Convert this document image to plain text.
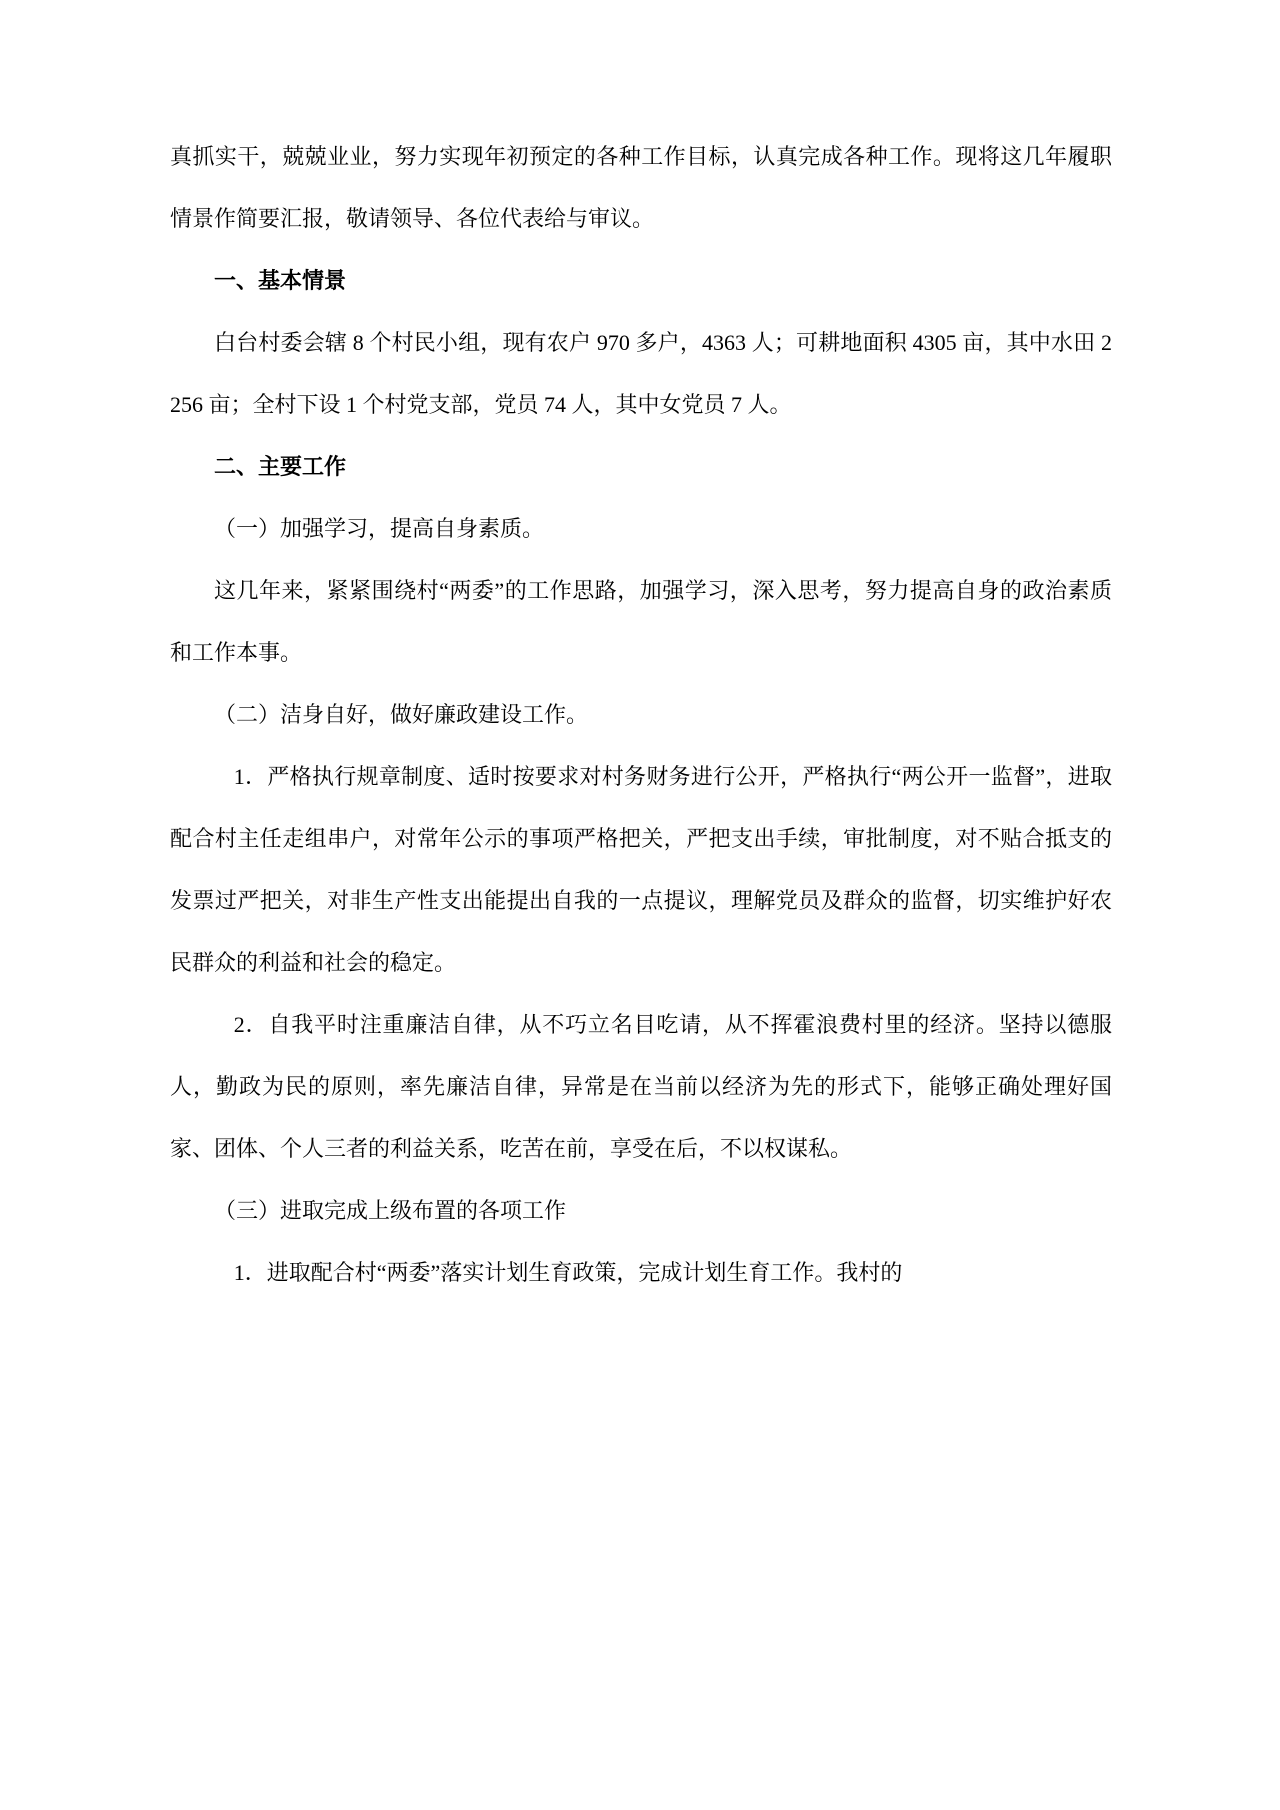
真抓实干，兢兢业业，努力实现年初预定的各种工作目标，认真完成各种工作。现将这几年履职情景作简要汇报，敬请领导、各位代表给与审议。

一、基本情景

白台村委会辖 8 个村民小组，现有农户 970 多户，4363 人；可耕地面积 4305 亩，其中水田 2256 亩；全村下设 1 个村党支部，党员 74 人，其中女党员 7 人。

二、主要工作

（一）加强学习，提高自身素质。

这几年来，紧紧围绕村“两委”的工作思路，加强学习，深入思考，努力提高自身的政治素质和工作本事。

（二）洁身自好，做好廉政建设工作。

1．严格执行规章制度、适时按要求对村务财务进行公开，严格执行“两公开一监督”，进取配合村主任走组串户，对常年公示的事项严格把关，严把支出手续，审批制度，对不贴合抵支的发票过严把关，对非生产性支出能提出自我的一点提议，理解党员及群众的监督，切实维护好农民群众的利益和社会的稳定。

2．自我平时注重廉洁自律，从不巧立名目吃请，从不挥霍浪费村里的经济。坚持以德服人，勤政为民的原则，率先廉洁自律，异常是在当前以经济为先的形式下，能够正确处理好国家、团体、个人三者的利益关系，吃苦在前，享受在后，不以权谋私。

（三）进取完成上级布置的各项工作

1．进取配合村“两委”落实计划生育政策，完成计划生育工作。我村的
